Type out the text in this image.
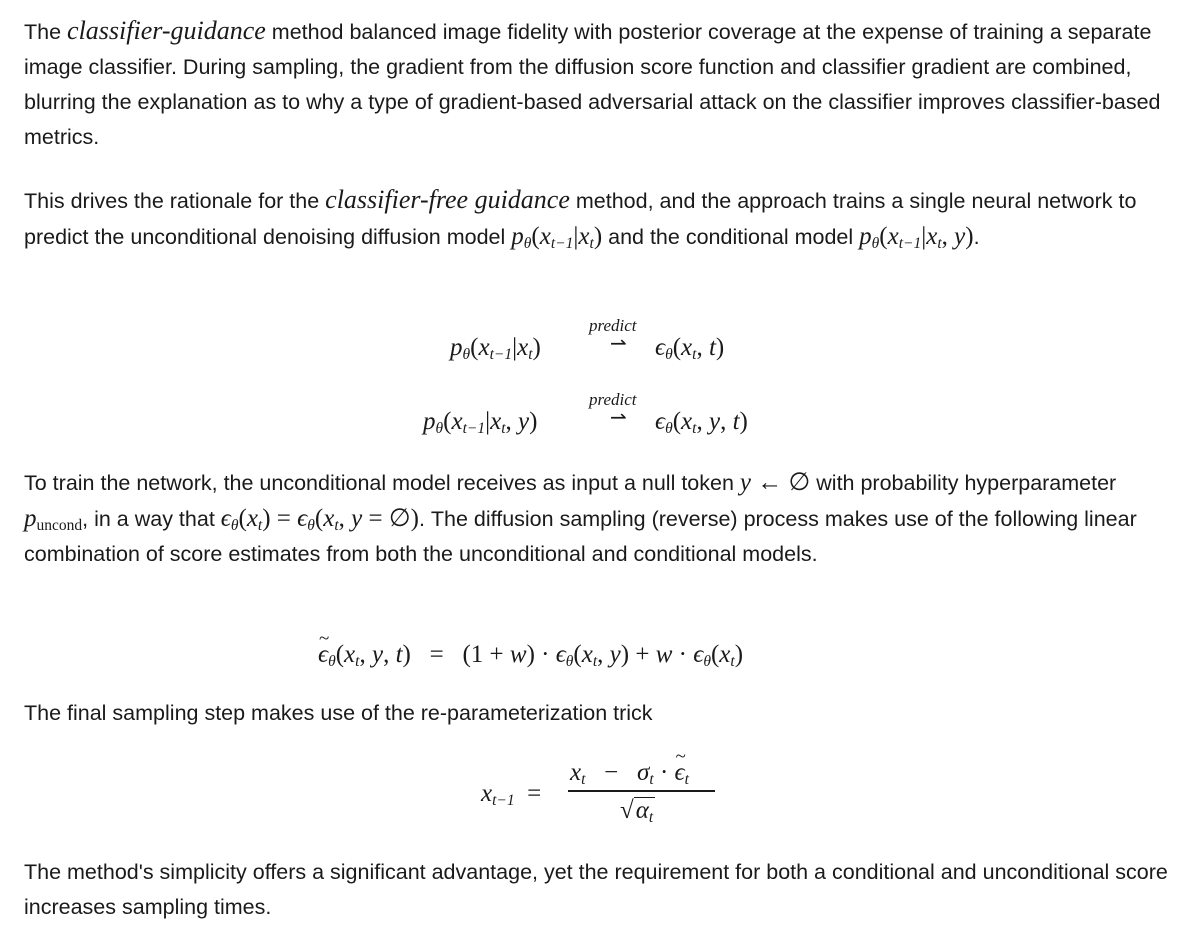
The classifier-guidance method balanced image fidelity with posterior coverage at the expense of training a separate image classifier. During sampling, the gradient from the diffusion score function and classifier gradient are combined, blurring the explanation as to why a type of gradient-based adversarial attack on the classifier improves classifier-based metrics.

This drives the rationale for the classifier-free guidance method, and the approach trains a single neural network to predict the unconditional denoising diffusion model $p_\theta(x_{t-1}|x_t)$ and the conditional model $p_\theta(x_{t-1}|x_t$, y).

$p_\theta(x_{t-1}|x_t)$
predict
⇀ $\epsilon_\theta(x_t$, t)
$p_\theta(x_{t-1}|x_t$, y)
predict
⇀ $\epsilon_\theta(x_t$, y, t)

To train the network, the unconditional model receives as input a null token y ← ∅ with probability hyperparameter $p_{uncond}$, in a way that $\epsilon_\theta(x_t) = \epsilon_\theta(x_t$, y = ∅). The diffusion sampling (reverse) process makes use of the following linear combination of score estimates from both the unconditional and conditional models.

~ $\epsilon_\theta(x_t$, y, $t) = (1 + w) \cdot \epsilon_\theta(x_t$, $y) + w \cdot \epsilon_\theta(x_t)$

The final sampling step makes use of the re-parameterization trick

$x_{t-1}$  =
$x_t - \sigma_t$ · ~ $\epsilon_t$
$√\alpha_t$

The method's simplicity offers a significant advantage, yet the requirement for both a conditional and unconditional score increases sampling times.
